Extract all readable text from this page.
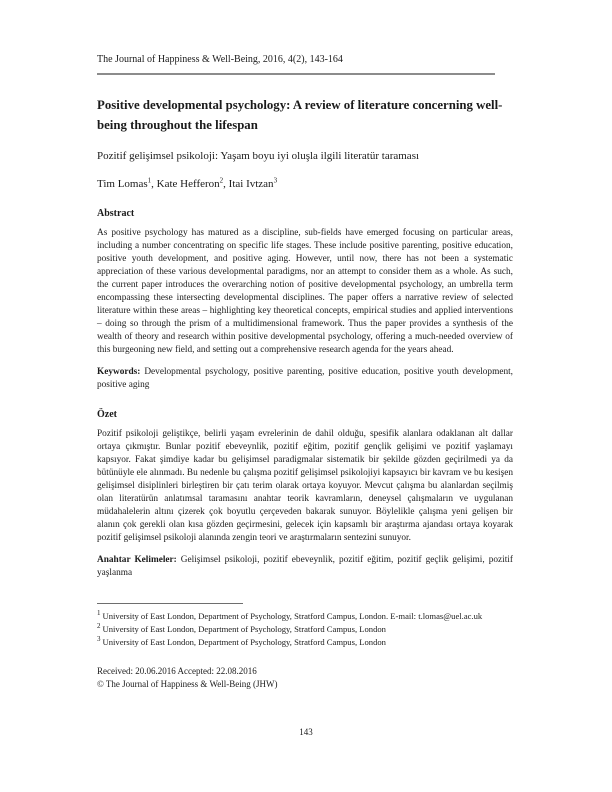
The Journal of Happiness & Well-Being, 2016, 4(2), 143-164
Positive developmental psychology: A review of literature concerning well-being throughout the lifespan
Pozitif gelişimsel psikoloji: Yaşam boyu iyi oluşla ilgili literatür taraması
Tim Lomas$^1$, Kate Hefferon$^2$, Itai Ivtzan$^3$
Abstract

As positive psychology has matured as a discipline, sub-fields have emerged focusing on particular areas, including a number concentrating on specific life stages. These include positive parenting, positive education, positive youth development, and positive aging. However, until now, there has not been a systematic appreciation of these various developmental paradigms, nor an attempt to consider them as a whole. As such, the current paper introduces the overarching notion of positive developmental psychology, an umbrella term encompassing these intersecting developmental disciplines. The paper offers a narrative review of selected literature within these areas – highlighting key theoretical concepts, empirical studies and applied interventions – doing so through the prism of a multidimensional framework. Thus the paper provides a synthesis of the wealth of theory and research within positive developmental psychology, offering a much-needed overview of this burgeoning new field, and setting out a comprehensive research agenda for the years ahead.

Keywords: Developmental psychology, positive parenting, positive education, positive youth development, positive aging

Özet

Pozitif psikoloji geliştikçe, belirli yaşam evrelerinin de dahil olduğu, spesifik alanlara odaklanan alt dallar ortaya çıkmıştır. Bunlar pozitif ebeveynlik, pozitif eğitim, pozitif gençlik gelişimi ve pozitif yaşlamayı kapsıyor. Fakat şimdiye kadar bu gelişimsel paradigmalar sistematik bir şekilde gözden geçirilmedi ya da bütünüyle ele alınmadı. Bu nedenle bu çalışma pozitif gelişimsel psikolojiyi kapsayıcı bir kavram ve bu kesişen gelişimsel disiplinleri birleştiren bir çatı terim olarak ortaya koyuyor. Mevcut çalışma bu alanlardan seçilmiş olan literatürün anlatımsal taramasını anahtar teorik kavramların, deneysel çalışmaların ve uygulanan müdahalelerin altını çizerek çok boyutlu çerçeveden bakarak sunuyor. Böylelikle çalışma yeni gelişen bir alanın çok gerekli olan kısa gözden geçirmesini, gelecek için kapsamlı bir araştırma ajandası ortaya koyarak pozitif gelişimsel psikoloji alanında zengin teori ve araştırmaların sentezini sunuyor.

Anahtar Kelimeler: Gelişimsel psikoloji, pozitif ebeveynlik, pozitif eğitim, pozitif geçlik gelişimi, pozitif yaşlanma

$^1$ University of East London, Department of Psychology, Stratford Campus, London. E-mail: t.lomas@uel.ac.uk
$^2$ University of East London, Department of Psychology, Stratford Campus, London
$^3$ University of East London, Department of Psychology, Stratford Campus, London
Received: 20.06.2016 Accepted: 22.08.2016
© The Journal of Happiness & Well-Being (JHW)
143
